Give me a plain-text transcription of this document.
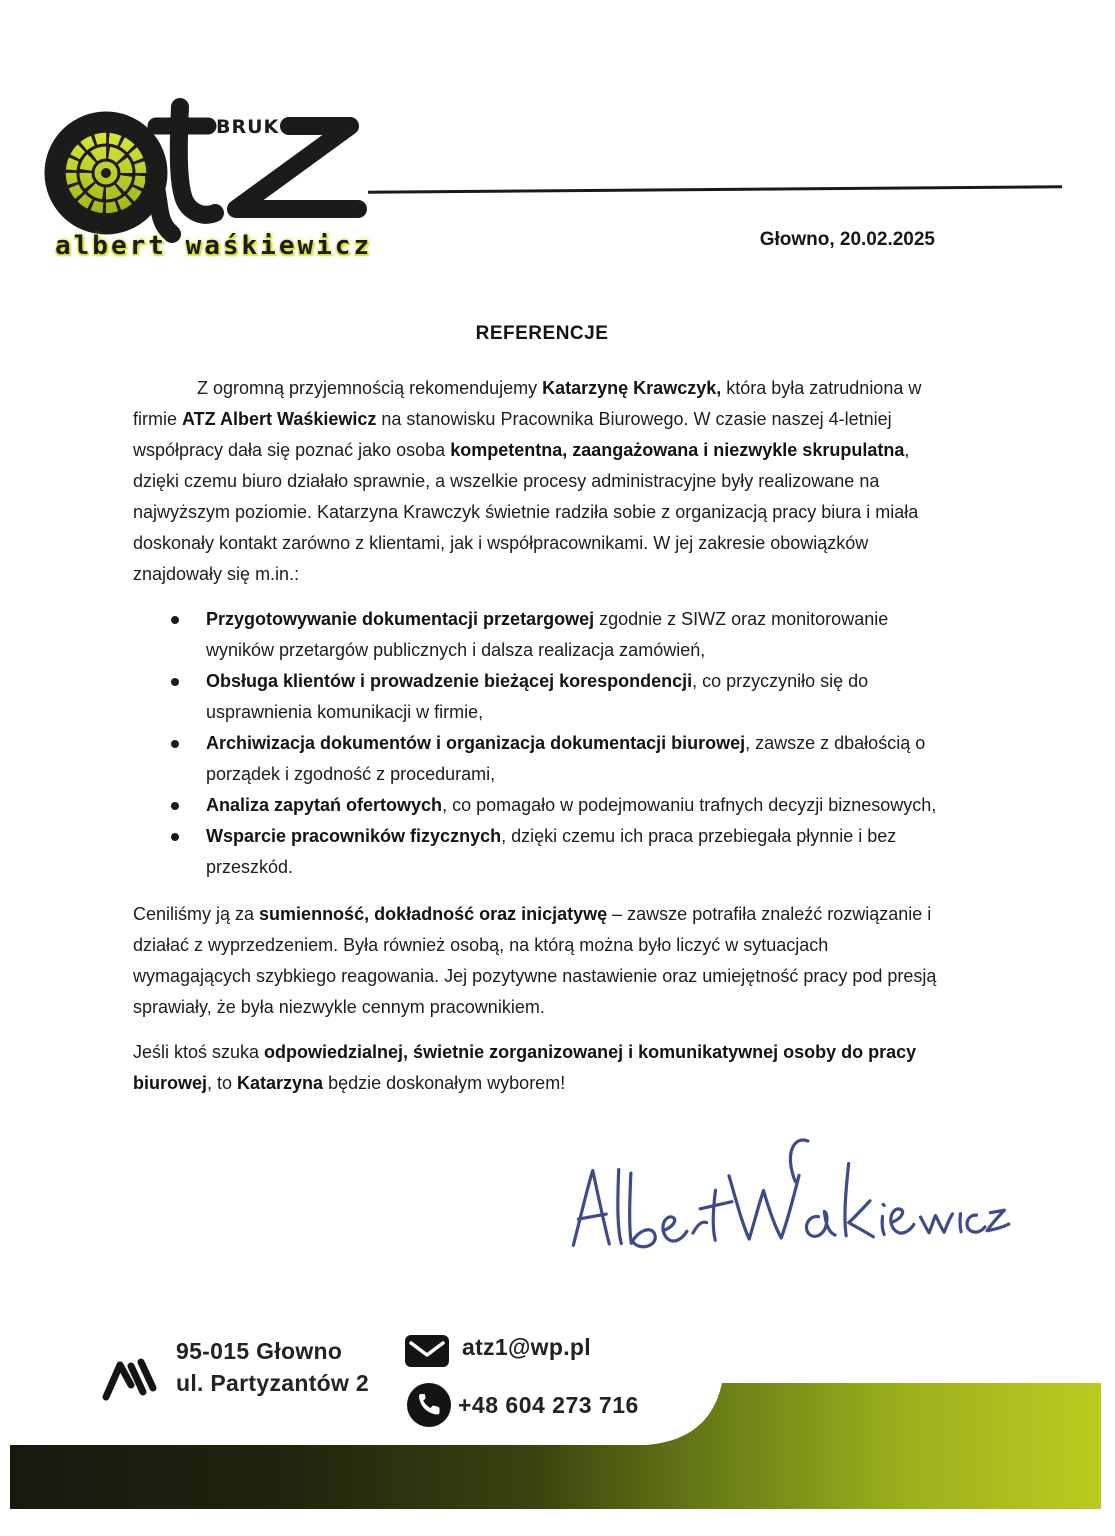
BRUK
albert waśkiewicz	Głowno, 20.02.2025

REFERENCJE

Z ogromną przyjemnością rekomendujemy Katarzynę Krawczyk, która była zatrudniona w firmie ATZ Albert Waśkiewicz na stanowisku Pracownika Biurowego. W czasie naszej 4-letniej współpracy dała się poznać jako osoba kompetentna, zaangażowana i niezwykle skrupulatna, dzięki czemu biuro działało sprawnie, a wszelkie procesy administracyjne były realizowane na najwyższym poziomie. Katarzyna Krawczyk świetnie radziła sobie z organizacją pracy biura i miała doskonały kontakt zarówno z klientami, jak i współpracownikami. W jej zakresie obowiązków znajdowały się m.in.:

Przygotowywanie dokumentacji przetargowej zgodnie z SIWZ oraz monitorowanie wyników przetargów publicznych i dalsza realizacja zamówień,
Obsługa klientów i prowadzenie bieżącej korespondencji, co przyczyniło się do usprawnienia komunikacji w firmie,
Archiwizacja dokumentów i organizacja dokumentacji biurowej, zawsze z dbałością o porządek i zgodność z procedurami,
Analiza zapytań ofertowych, co pomagało w podejmowaniu trafnych decyzji biznesowych,
Wsparcie pracowników fizycznych, dzięki czemu ich praca przebiegała płynnie i bez przeszkód.

Ceniliśmy ją za sumienność, dokładność oraz inicjatywę – zawsze potrafiła znaleźć rozwiązanie i działać z wyprzedzeniem. Była również osobą, na którą można było liczyć w sytuacjach wymagających szybkiego reagowania. Jej pozytywne nastawienie oraz umiejętność pracy pod presją sprawiały, że była niezwykle cennym pracownikiem.

Jeśli ktoś szuka odpowiedzialnej, świetnie zorganizowanej i komunikatywnej osoby do pracy biurowej, to Katarzyna będzie doskonałym wyborem!

95-015 Głowno
ul. Partyzantów 2
atz1@wp.pl
+48 604 273 716
